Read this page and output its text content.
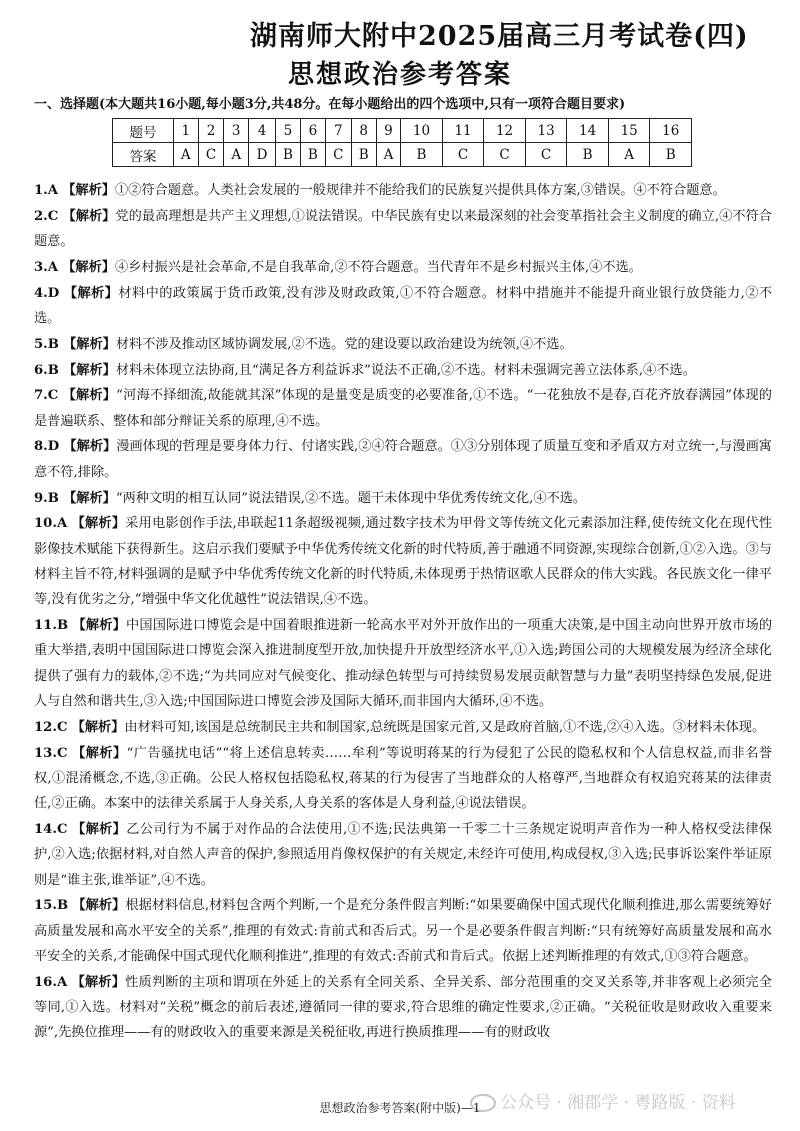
湖南师大附中2025届高三月考试卷(四)
思想政治参考答案
一、选择题(本大题共16小题,每小题3分,共48分。在每小题给出的四个选项中,只有一项符合题目要求)
题号	1	2	3	4	5	6	7	8	9	10	11	12	13	14	15	16
答案	A	C	A	D	B	B	C	B	A	B	C	C	C	B	A	B
1.A 【解析】①②符合题意。人类社会发展的一般规律并不能给我们的民族复兴提供具体方案,③错误。④不符合题意。
2.C 【解析】党的最高理想是共产主义理想,①说法错误。中华民族有史以来最深刻的社会变革指社会主义制度的确立,④不符合题意。
3.A 【解析】④乡村振兴是社会革命,不是自我革命,②不符合题意。当代青年不是乡村振兴主体,④不选。
4.D 【解析】材料中的政策属于货币政策,没有涉及财政政策,①不符合题意。材料中措施并不能提升商业银行放贷能力,②不选。
5.B 【解析】材料不涉及推动区域协调发展,②不选。党的建设要以政治建设为统领,④不选。
6.B 【解析】材料未体现立法协商,且“满足各方利益诉求”说法不正确,②不选。材料未强调完善立法体系,④不选。
7.C 【解析】“河海不择细流,故能就其深”体现的是量变是质变的必要准备,①不选。“一花独放不是春,百花齐放春满园”体现的是普遍联系、整体和部分辩证关系的原理,④不选。
8.D 【解析】漫画体现的哲理是要身体力行、付诸实践,②④符合题意。①③分别体现了质量互变和矛盾双方对立统一,与漫画寓意不符,排除。
9.B 【解析】“两种文明的相互认同”说法错误,②不选。题干未体现中华优秀传统文化,④不选。
10.A 【解析】采用电影创作手法,串联起11条超级视频,通过数字技术为甲骨文等传统文化元素添加注释,使传统文化在现代性影像技术赋能下获得新生。这启示我们要赋予中华优秀传统文化新的时代特质,善于融通不同资源,实现综合创新,①②入选。③与材料主旨不符,材料强调的是赋予中华优秀传统文化新的时代特质,未体现勇于热情讴歌人民群众的伟大实践。各民族文化一律平等,没有优劣之分,“增强中华文化优越性”说法错误,④不选。
11.B 【解析】中国国际进口博览会是中国着眼推进新一轮高水平对外开放作出的一项重大决策,是中国主动向世界开放市场的重大举措,表明中国国际进口博览会深入推进制度型开放,加快提升开放型经济水平,①入选;跨国公司的大规模发展为经济全球化提供了强有力的载体,②不选;“为共同应对气候变化、推动绿色转型与可持续贸易发展贡献智慧与力量”表明坚持绿色发展,促进人与自然和谐共生,③入选;中国国际进口博览会涉及国际大循环,而非国内大循环,④不选。
12.C 【解析】由材料可知,该国是总统制民主共和制国家,总统既是国家元首,又是政府首脑,①不选,②④入选。③材料未体现。
13.C 【解析】“广告骚扰电话”“将上述信息转卖……牟利”等说明蒋某的行为侵犯了公民的隐私权和个人信息权益,而非名誉权,①混淆概念,不选,③正确。公民人格权包括隐私权,蒋某的行为侵害了当地群众的人格尊严,当地群众有权追究蒋某的法律责任,②正确。本案中的法律关系属于人身关系,人身关系的客体是人身利益,④说法错误。
14.C 【解析】乙公司行为不属于对作品的合法使用,①不选;民法典第一千零二十三条规定说明声音作为一种人格权受法律保护,②入选;依据材料,对自然人声音的保护,参照适用肖像权保护的有关规定,未经许可使用,构成侵权,③入选;民事诉讼案件举证原则是“谁主张,谁举证”,④不选。
15.B 【解析】根据材料信息,材料包含两个判断,一个是充分条件假言判断:“如果要确保中国式现代化顺利推进,那么需要统筹好高质量发展和高水平安全的关系”,推理的有效式:肯前式和否后式。另一个是必要条件假言判断:“只有统筹好高质量发展和高水平安全的关系,才能确保中国式现代化顺利推进”,推理的有效式:否前式和肯后式。依据上述判断推理的有效式,①③符合题意。
16.A 【解析】性质判断的主项和谓项在外延上的关系有全同关系、全异关系、部分范围重的交叉关系等,并非客观上必须完全等同,①入选。材料对“关税”概念的前后表述,遵循同一律的要求,符合思维的确定性要求,②正确。“关税征收是财政收入重要来源”,先换位推理——有的财政收入的重要来源是关税征收,再进行换质推理——有的财政收
公众号 · 湘郡学 · 粤路版 · 资料
思想政治参考答案(附中版)—1
